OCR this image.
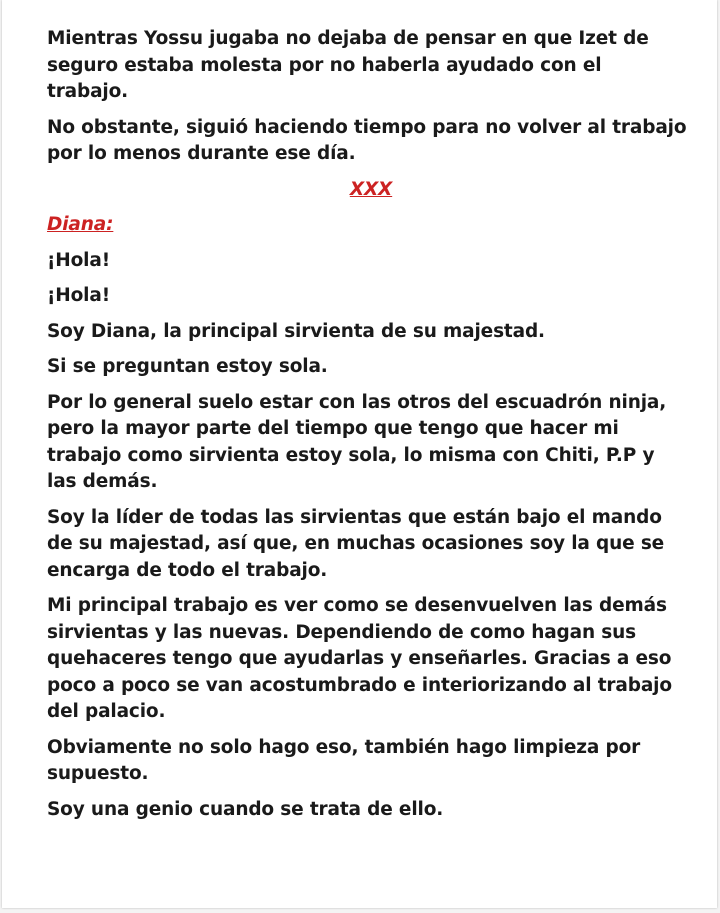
Mientras Yossu jugaba no dejaba de pensar en que Izet de seguro estaba molesta por no haberla ayudado con el trabajo.

No obstante, siguió haciendo tiempo para no volver al trabajo por lo menos durante ese día.

XXX
Diana:

¡Hola!

¡Hola!

Soy Diana, la principal sirvienta de su majestad.

Si se preguntan estoy sola.

Por lo general suelo estar con las otros del escuadrón ninja, pero la mayor parte del tiempo que tengo que hacer mi trabajo como sirvienta estoy sola, lo misma con Chiti, P.P y las demás.

Soy la líder de todas las sirvientas que están bajo el mando de su majestad, así que, en muchas ocasiones soy la que se encarga de todo el trabajo.

Mi principal trabajo es ver como se desenvuelven las demás sirvientas y las nuevas. Dependiendo de como hagan sus quehaceres tengo que ayudarlas y enseñarles. Gracias a eso poco a poco se van acostumbrado e interiorizando al trabajo del palacio.

Obviamente no solo hago eso, también hago limpieza por supuesto.

Soy una genio cuando se trata de ello.
